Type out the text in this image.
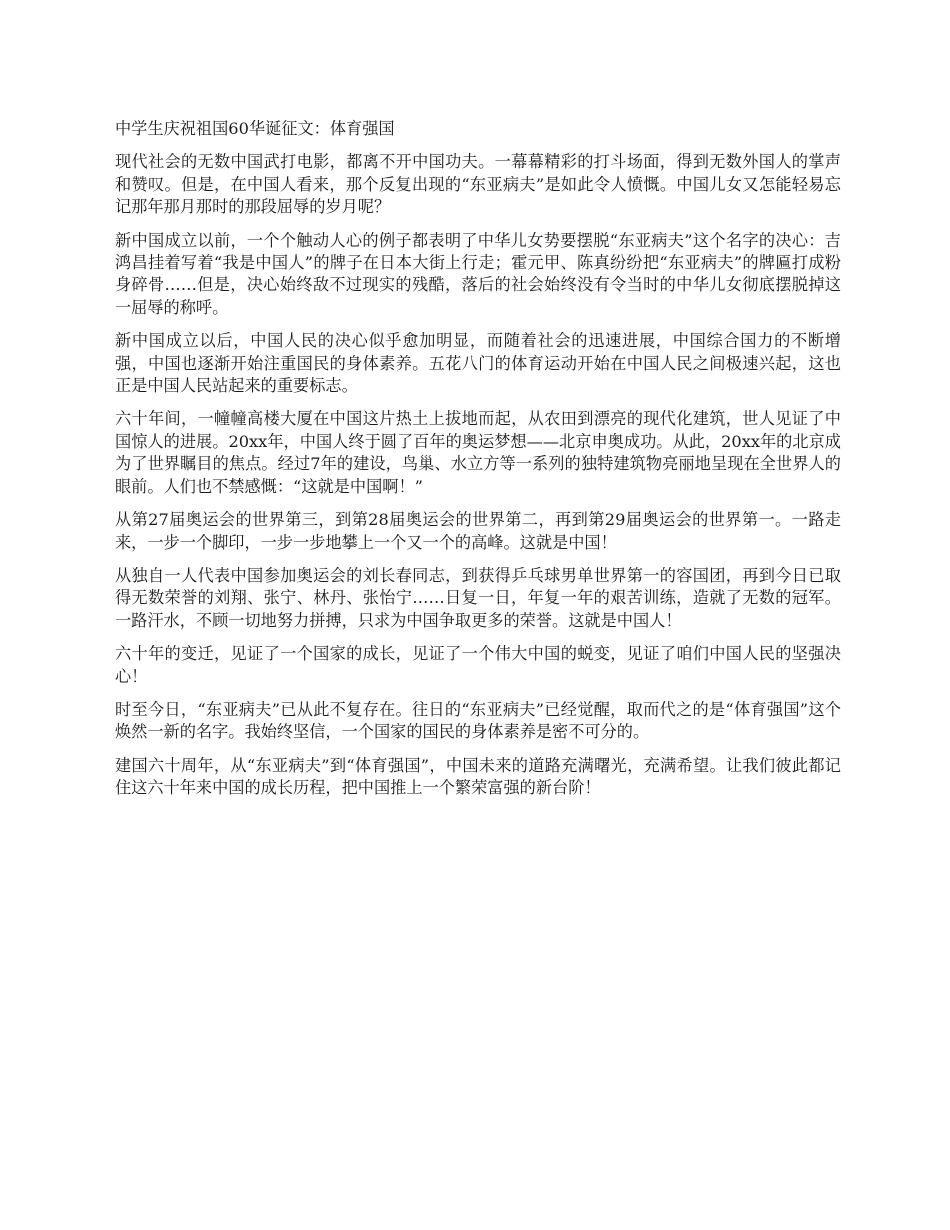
中学生庆祝祖国60华诞征文：体育强国

现代社会的无数中国武打电影，都离不开中国功夫。一幕幕精彩的打斗场面，得到无数外国人的掌声和赞叹。但是，在中国人看来，那个反复出现的“东亚病夫”是如此令人愤慨。中国儿女又怎能轻易忘记那年那月那时的那段屈辱的岁月呢？

新中国成立以前，一个个触动人心的例子都表明了中华儿女势要摆脱“东亚病夫”这个名字的决心：吉鸿昌挂着写着“我是中国人”的牌子在日本大街上行走；霍元甲、陈真纷纷把“东亚病夫”的牌匾打成粉身碎骨……但是，决心始终敌不过现实的残酷，落后的社会始终没有令当时的中华儿女彻底摆脱掉这一屈辱的称呼。

新中国成立以后，中国人民的决心似乎愈加明显，而随着社会的迅速进展，中国综合国力的不断增强，中国也逐渐开始注重国民的身体素养。五花八门的体育运动开始在中国人民之间极速兴起，这也正是中国人民站起来的重要标志。

六十年间，一幢幢高楼大厦在中国这片热土上拔地而起，从农田到漂亮的现代化建筑，世人见证了中国惊人的进展。20xx年，中国人终于圆了百年的奥运梦想——北京申奥成功。从此，20xx年的北京成为了世界瞩目的焦点。经过7年的建设，鸟巢、水立方等一系列的独特建筑物亮丽地呈现在全世界人的眼前。人们也不禁感慨：“这就是中国啊！”

从第27届奥运会的世界第三，到第28届奥运会的世界第二，再到第29届奥运会的世界第一。一路走来，一步一个脚印，一步一步地攀上一个又一个的高峰。这就是中国！

从独自一人代表中国参加奥运会的刘长春同志，到获得乒乓球男单世界第一的容国团，再到今日已取得无数荣誉的刘翔、张宁、林丹、张怡宁……日复一日，年复一年的艰苦训练，造就了无数的冠军。一路汗水，不顾一切地努力拼搏，只求为中国争取更多的荣誉。这就是中国人！

六十年的变迁，见证了一个国家的成长，见证了一个伟大中国的蜕变，见证了咱们中国人民的坚强决心！

时至今日，“东亚病夫”已从此不复存在。往日的“东亚病夫”已经觉醒，取而代之的是“体育强国”这个焕然一新的名字。我始终坚信，一个国家的国民的身体素养是密不可分的。

建国六十周年，从“东亚病夫”到“体育强国”，中国未来的道路充满曙光，充满希望。让我们彼此都记住这六十年来中国的成长历程，把中国推上一个繁荣富强的新台阶！
